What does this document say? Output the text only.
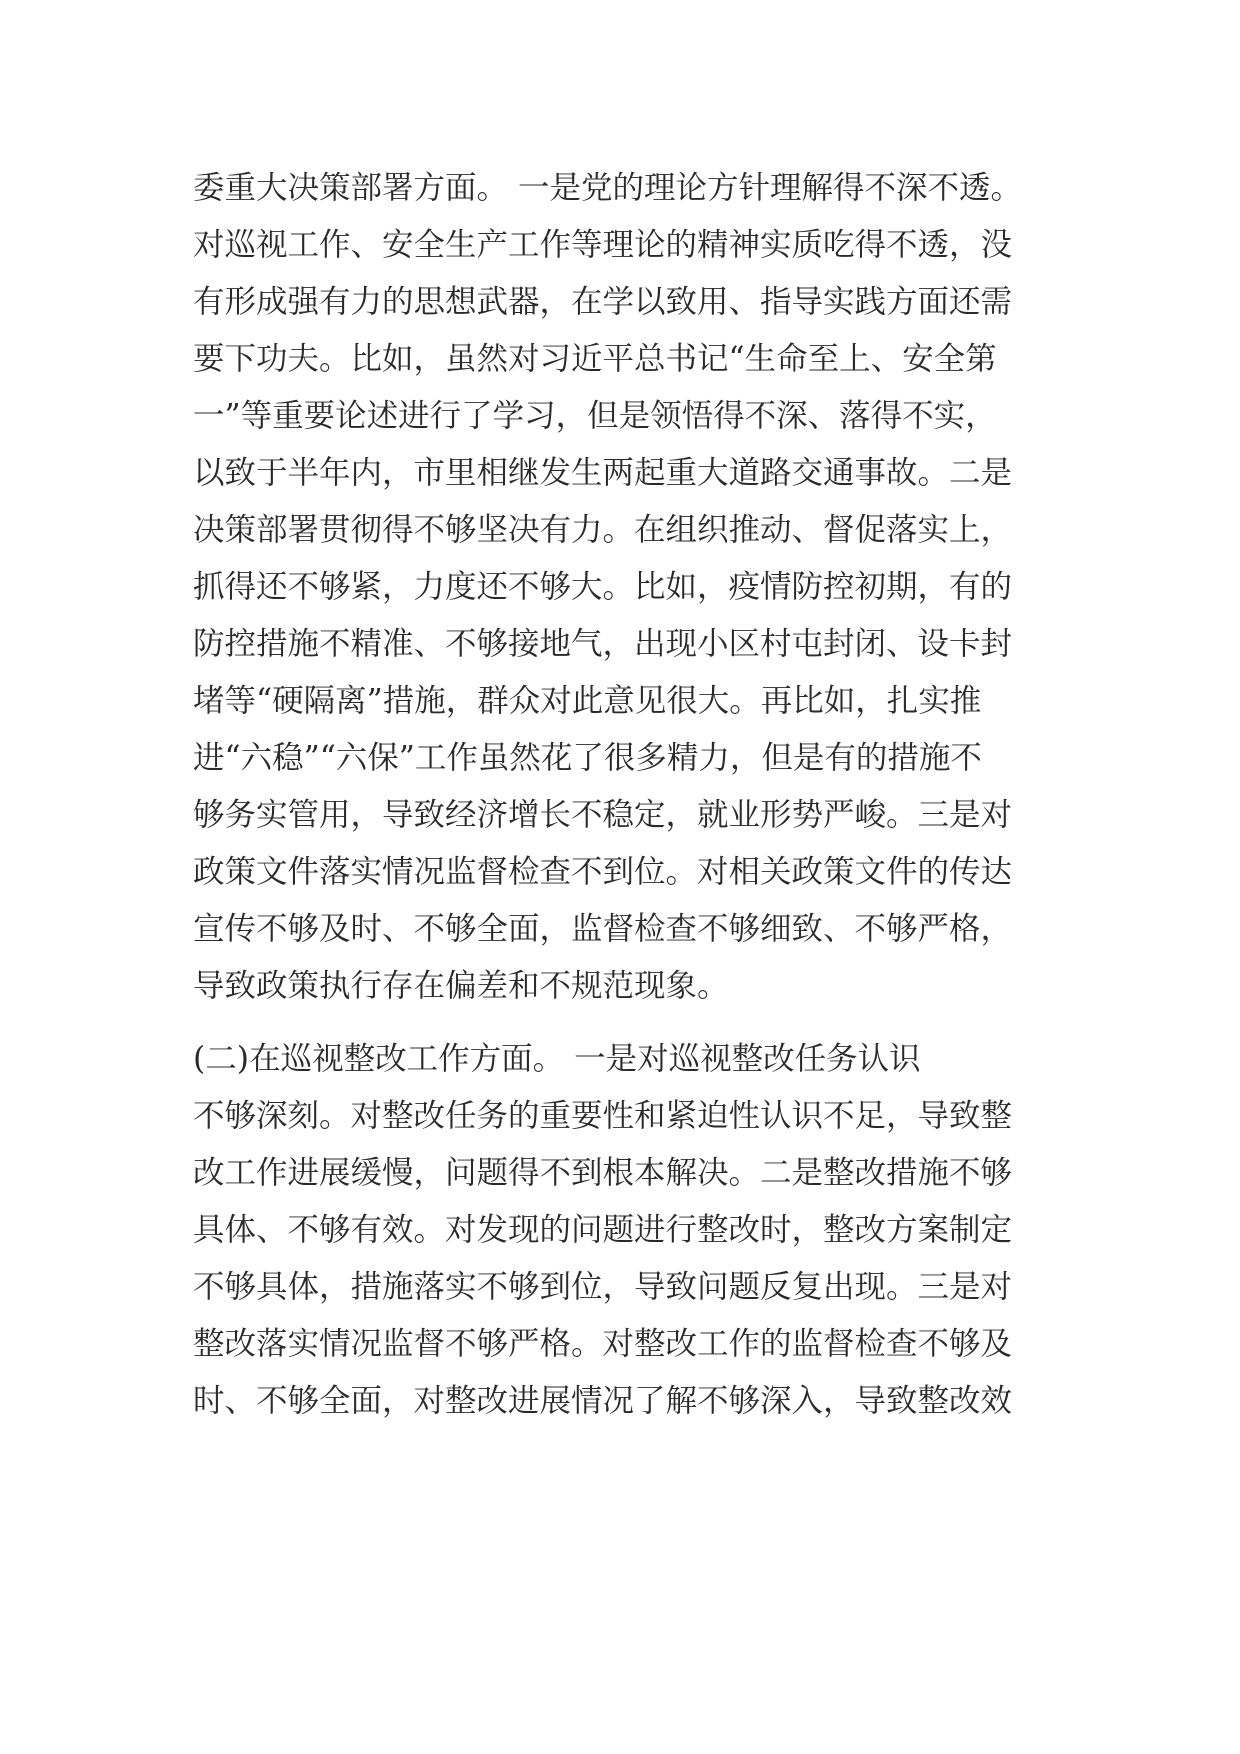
委重大决策部署方面。 一是党的理论方针理解得不深不透。
对巡视工作、安全生产工作等理论的精神实质吃得不透，没
有形成强有力的思想武器，在学以致用、指导实践方面还需
要下功夫。比如，虽然对习近平总书记“生命至上、安全第
一”等重要论述进行了学习，但是领悟得不深、落得不实，
以致于半年内，市里相继发生两起重大道路交通事故。二是
决策部署贯彻得不够坚决有力。在组织推动、督促落实上，
抓得还不够紧，力度还不够大。比如，疫情防控初期，有的
防控措施不精准、不够接地气，出现小区村屯封闭、设卡封
堵等“硬隔离”措施，群众对此意见很大。再比如，扎实推
进“六稳”“六保”工作虽然花了很多精力，但是有的措施不
够务实管用，导致经济增长不稳定，就业形势严峻。三是对
政策文件落实情况监督检查不到位。对相关政策文件的传达
宣传不够及时、不够全面，监督检查不够细致、不够严格，
导致政策执行存在偏差和不规范现象。
(二)在巡视整改工作方面。 一是对巡视整改任务认识
不够深刻。对整改任务的重要性和紧迫性认识不足，导致整
改工作进展缓慢，问题得不到根本解决。二是整改措施不够
具体、不够有效。对发现的问题进行整改时，整改方案制定
不够具体，措施落实不够到位，导致问题反复出现。三是对
整改落实情况监督不够严格。对整改工作的监督检查不够及
时、不够全面，对整改进展情况了解不够深入，导致整改效
